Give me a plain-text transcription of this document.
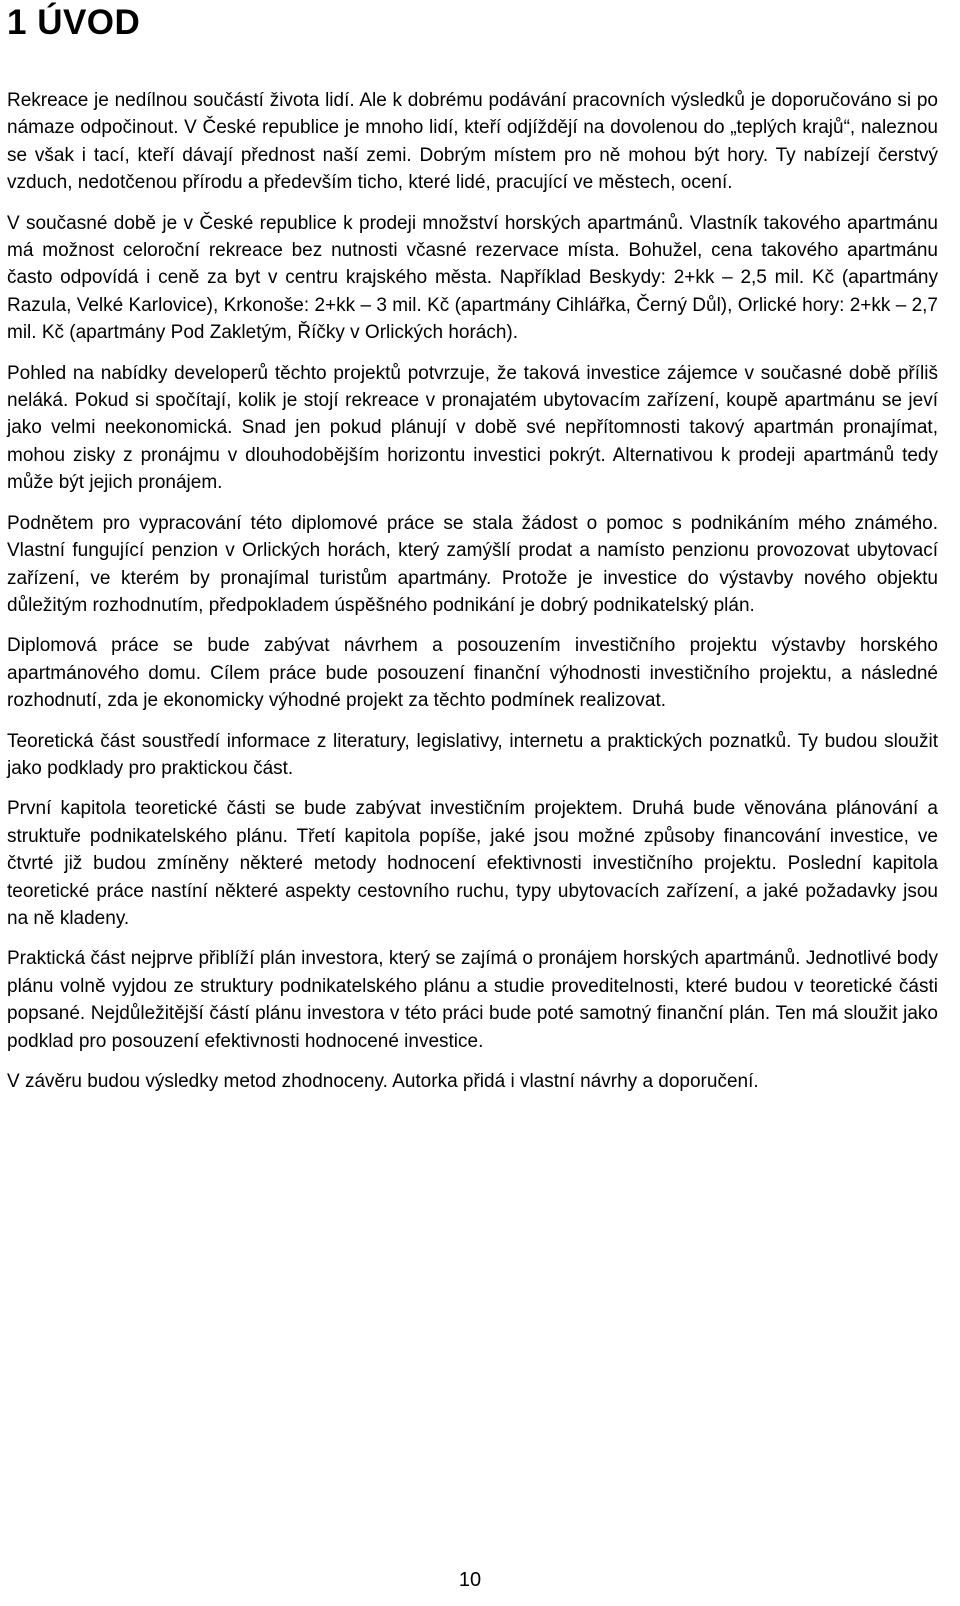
1 ÚVOD

Rekreace je nedílnou součástí života lidí. Ale k dobrému podávání pracovních výsledků je doporučováno si po námaze odpočinout. V České republice je mnoho lidí, kteří odjíždějí na dovolenou do „teplých krajů“, naleznou se však i tací, kteří dávají přednost naší zemi. Dobrým místem pro ně mohou být hory. Ty nabízejí čerstvý vzduch, nedotčenou přírodu a především ticho, které lidé, pracující ve městech, ocení.

V současné době je v České republice k prodeji množství horských apartmánů. Vlastník takového apartmánu má možnost celoroční rekreace bez nutnosti včasné rezervace místa. Bohužel, cena takového apartmánu často odpovídá i ceně za byt v centru krajského města. Například Beskydy: 2+kk – 2,5 mil. Kč (apartmány Razula, Velké Karlovice), Krkonoše: 2+kk – 3 mil. Kč (apartmány Cihlářka, Černý Důl), Orlické hory: 2+kk – 2,7 mil. Kč (apartmány Pod Zakletým, Říčky v Orlických horách).

Pohled na nabídky developerů těchto projektů potvrzuje, že taková investice zájemce v současné době příliš neláká. Pokud si spočítají, kolik je stojí rekreace v pronajatém ubytovacím zařízení, koupě apartmánu se jeví jako velmi neekonomická. Snad jen pokud plánují v době své nepřítomnosti takový apartmán pronajímat, mohou zisky z pronájmu v dlouhodobějším horizontu investici pokrýt. Alternativou k prodeji apartmánů tedy může být jejich pronájem.

Podnětem pro vypracování této diplomové práce se stala žádost o pomoc s podnikáním mého známého. Vlastní fungující penzion v Orlických horách, který zamýšlí prodat a namísto penzionu provozovat ubytovací zařízení, ve kterém by pronajímal turistům apartmány. Protože je investice do výstavby nového objektu důležitým rozhodnutím, předpokladem úspěšného podnikání je dobrý podnikatelský plán.

Diplomová práce se bude zabývat návrhem a posouzením investičního projektu výstavby horského apartmánového domu. Cílem práce bude posouzení finanční výhodnosti investičního projektu, a následné rozhodnutí, zda je ekonomicky výhodné projekt za těchto podmínek realizovat.

Teoretická část soustředí informace z literatury, legislativy, internetu a praktických poznatků. Ty budou sloužit jako podklady pro praktickou část.

První kapitola teoretické části se bude zabývat investičním projektem. Druhá bude věnována plánování a struktuře podnikatelského plánu. Třetí kapitola popíše, jaké jsou možné způsoby financování investice, ve čtvrté již budou zmíněny některé metody hodnocení efektivnosti investičního projektu. Poslední kapitola teoretické práce nastíní některé aspekty cestovního ruchu, typy ubytovacích zařízení, a jaké požadavky jsou na ně kladeny.

Praktická část nejprve přiblíží plán investora, který se zajímá o pronájem horských apartmánů. Jednotlivé body plánu volně vyjdou ze struktury podnikatelského plánu a studie proveditelnosti, které budou v teoretické části popsané. Nejdůležitější částí plánu investora v této práci bude poté samotný finanční plán. Ten má sloužit jako podklad pro posouzení efektivnosti hodnocené investice.

V závěru budou výsledky metod zhodnoceny. Autorka přidá i vlastní návrhy a doporučení.

10
